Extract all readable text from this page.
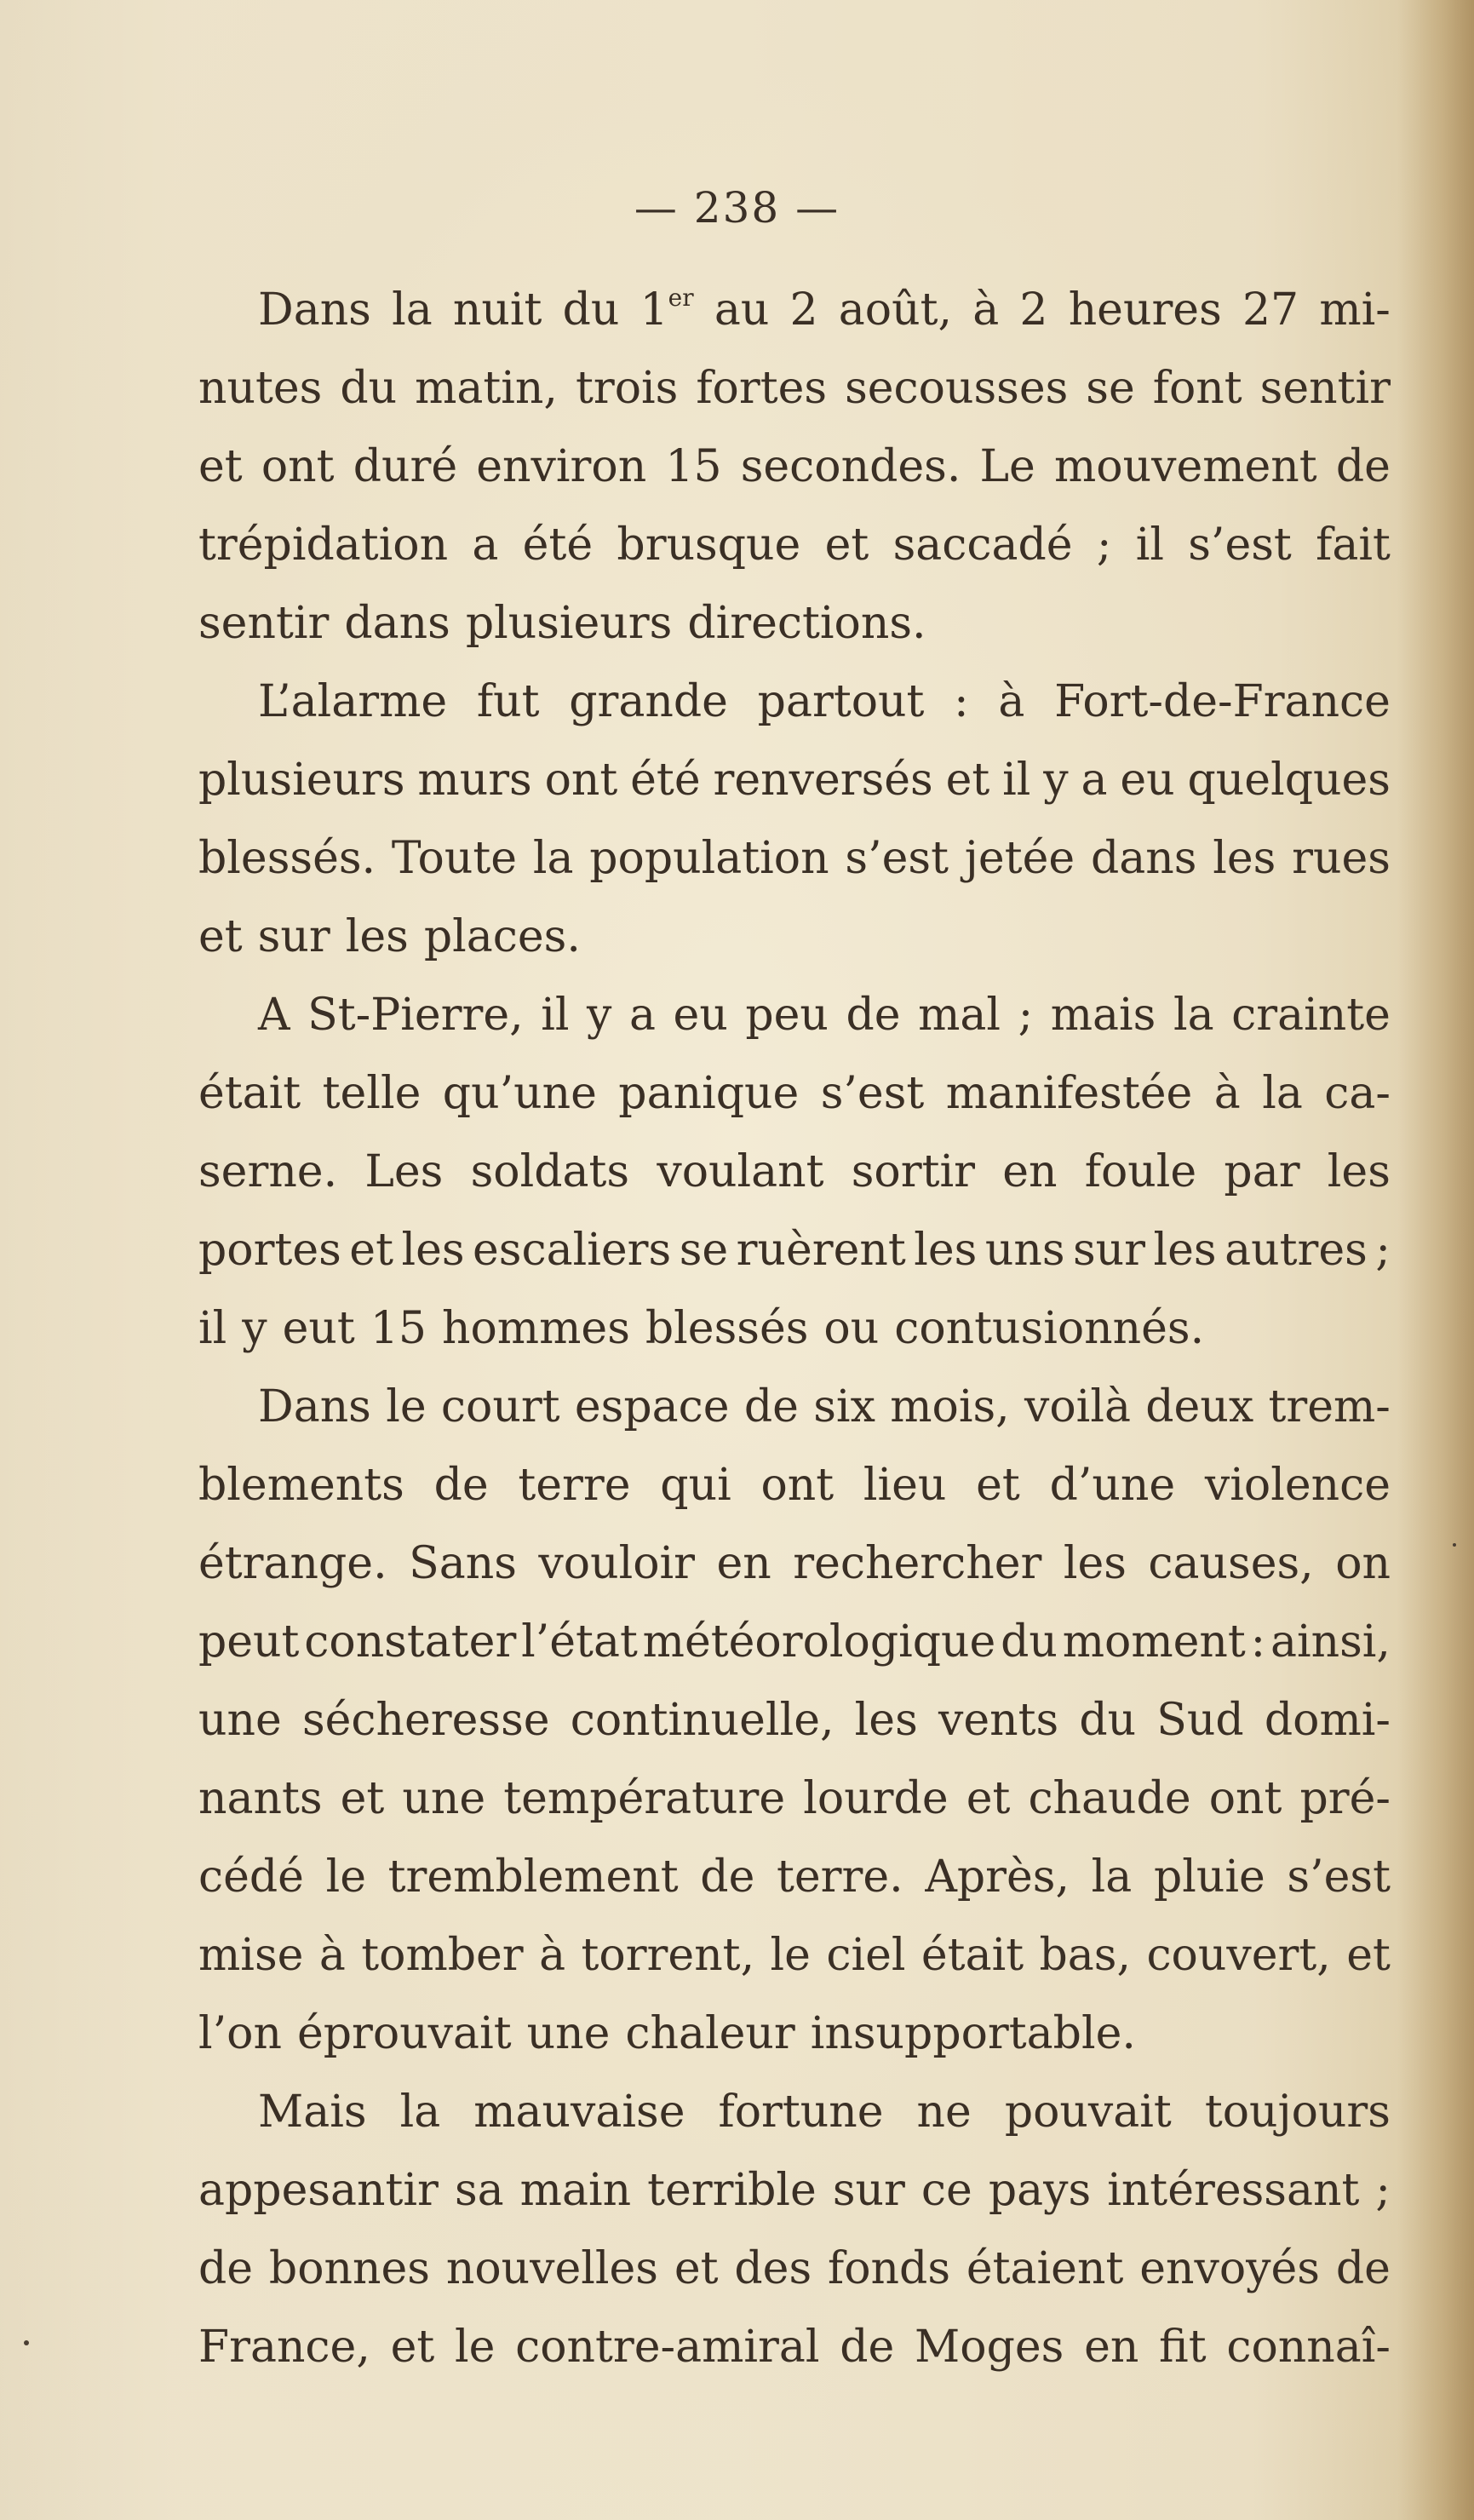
— 238 —
Dans la nuit du 1er au 2 août, à 2 heures 27 mi-
nutes du matin, trois fortes secousses se font sentir
et ont duré environ 15 secondes. Le mouvement de
trépidation a été brusque et saccadé ; il s’est fait
sentir dans plusieurs directions.
L’alarme fut grande partout : à Fort-de-France
plusieurs murs ont été renversés et il y a eu quelques
blessés. Toute la population s’est jetée dans les rues
et sur les places.
A St-Pierre, il y a eu peu de mal ; mais la crainte
était telle qu’une panique s’est manifestée à la ca-
serne. Les soldats voulant sortir en foule par les
portes et les escaliers se ruèrent les uns sur les autres ;
il y eut 15 hommes blessés ou contusionnés.
Dans le court espace de six mois, voilà deux trem-
blements de terre qui ont lieu et d’une violence
étrange. Sans vouloir en rechercher les causes, on
peut constater l’état météorologique du moment : ainsi,
une sécheresse continuelle, les vents du Sud domi-
nants et une température lourde et chaude ont pré-
cédé le tremblement de terre. Après, la pluie s’est
mise à tomber à torrent, le ciel était bas, couvert, et
l’on éprouvait une chaleur insupportable.
Mais la mauvaise fortune ne pouvait toujours
appesantir sa main terrible sur ce pays intéressant ;
de bonnes nouvelles et des fonds étaient envoyés de
France, et le contre-amiral de Moges en fit connaî-
